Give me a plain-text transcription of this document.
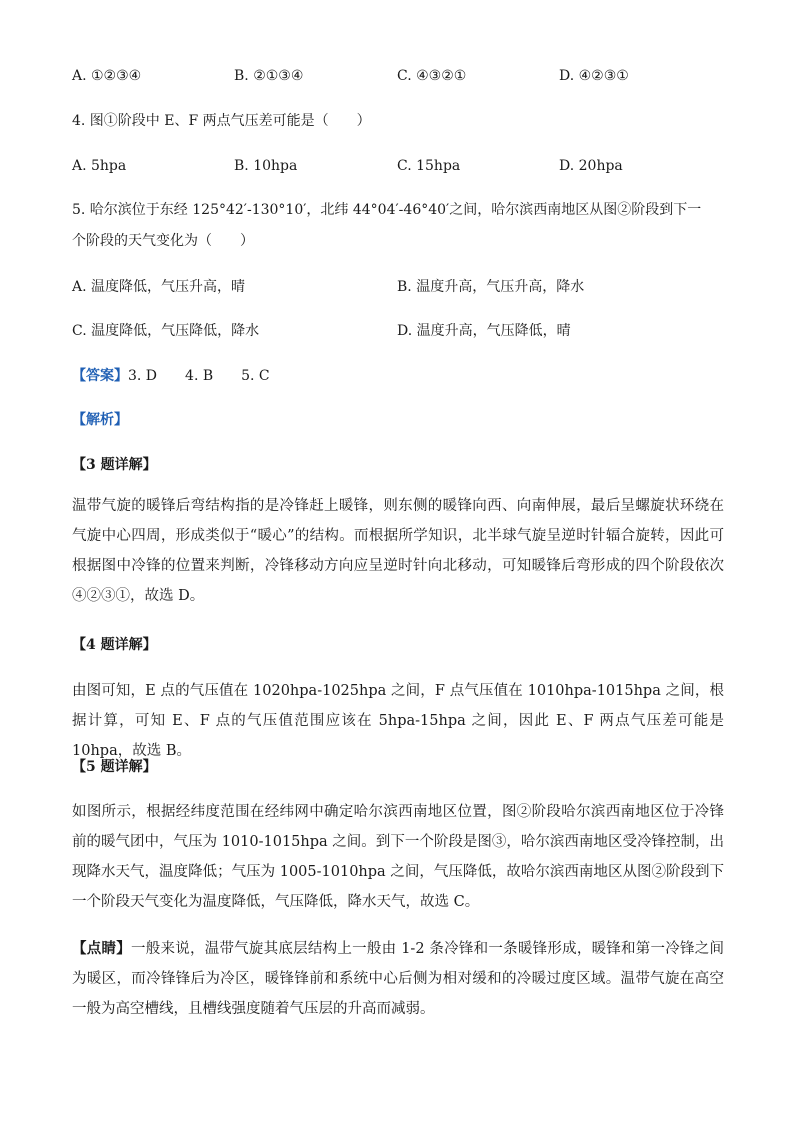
A. ①②③④	B. ②①③④	C. ④③②①	D. ④②③①
4. 图①阶段中 E、F 两点气压差可能是（　　）
A. 5hpa	B. 10hpa	C. 15hpa	D. 20hpa
5. 哈尔滨位于东经 125°42′-130°10′，北纬 44°04′-46°40′之间，哈尔滨西南地区从图②阶段到下一
个阶段的天气变化为（　　）
A. 温度降低，气压升高，晴	B. 温度升高，气压升高，降水
C. 温度降低，气压降低，降水	D. 温度升高，气压降低，晴
【答案】3. D　　4. B　　5. C
【解析】
【3 题详解】
温带气旋的暖锋后弯结构指的是冷锋赶上暖锋，则东侧的暖锋向西、向南伸展，最后呈螺旋状环绕在气旋中心四周，形成类似于“暖心”的结构。而根据所学知识，北半球气旋呈逆时针辐合旋转，因此可根据图中冷锋的位置来判断，冷锋移动方向应呈逆时针向北移动，可知暖锋后弯形成的四个阶段依次④②③①，故选 D。
【4 题详解】
由图可知，E 点的气压值在 1020hpa-1025hpa 之间，F 点气压值在 1010hpa-1015hpa 之间，根据计算，可知 E、F 点的气压值范围应该在 5hpa-15hpa 之间，因此 E、F 两点气压差可能是 10hpa，故选 B。
【5 题详解】
如图所示，根据经纬度范围在经纬网中确定哈尔滨西南地区位置，图②阶段哈尔滨西南地区位于冷锋前的暖气团中，气压为 1010-1015hpa 之间。到下一个阶段是图③，哈尔滨西南地区受冷锋控制，出现降水天气，温度降低；气压为 1005-1010hpa 之间，气压降低，故哈尔滨西南地区从图②阶段到下一个阶段天气变化为温度降低，气压降低，降水天气，故选 C。
【点睛】一般来说，温带气旋其底层结构上一般由 1-2 条冷锋和一条暖锋形成，暖锋和第一冷锋之间为暖区，而冷锋锋后为冷区，暖锋锋前和系统中心后侧为相对缓和的冷暖过度区域。温带气旋在高空一般为高空槽线，且槽线强度随着气压层的升高而减弱。
